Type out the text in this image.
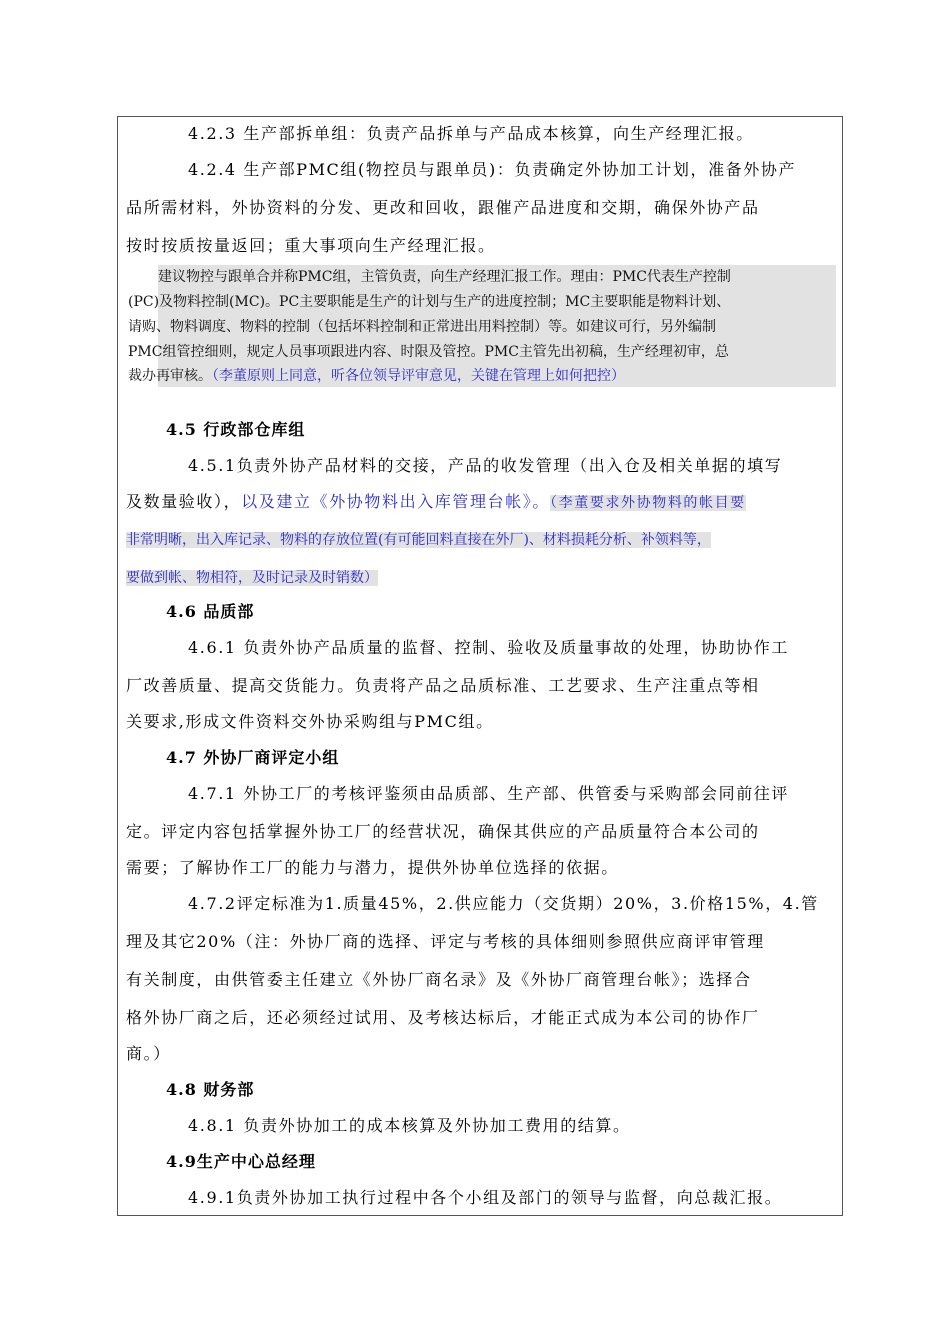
4.2.3 生产部拆单组：负责产品拆单与产品成本核算，向生产经理汇报。
4.2.4 生产部PMC组(物控员与跟单员)：负责确定外协加工计划，准备外协产
品所需材料，外协资料的分发、更改和回收，跟催产品进度和交期，确保外协产品
按时按质按量返回；重大事项向生产经理汇报。
建议物控与跟单合并称PMC组，主管负责，向生产经理汇报工作。理由：PMC代表生产控制
(PC)及物料控制(MC)。PC主要职能是生产的计划与生产的进度控制；MC主要职能是物料计划、
请购、物料调度、物料的控制（包括坏料控制和正常进出用料控制）等。如建议可行，另外编制
PMC组管控细则，规定人员事项跟进内容、时限及管控。PMC主管先出初稿，生产经理初审，总
裁办再审核。（李董原则上同意，听各位领导评审意见，关键在管理上如何把控）
4.5 行政部仓库组
4.5.1负责外协产品材料的交接，产品的收发管理（出入仓及相关单据的填写
及数量验收），以及建立《外协物料出入库管理台帐》。（李董要求外协物料的帐目要
非常明晰，出入库记录、物料的存放位置(有可能回料直接在外厂)、材料损耗分析、补领料等，
要做到帐、物相符，及时记录及时销数）
4.6 品质部
4.6.1 负责外协产品质量的监督、控制、验收及质量事故的处理，协助协作工
厂改善质量、提高交货能力。负责将产品之品质标准、工艺要求、生产注重点等相
关要求,形成文件资料交外协采购组与PMC组。
4.7 外协厂商评定小组
4.7.1 外协工厂的考核评鉴须由品质部、生产部、供管委与采购部会同前往评
定。评定内容包括掌握外协工厂的经营状况，确保其供应的产品质量符合本公司的
需要；了解协作工厂的能力与潜力，提供外协单位选择的依据。
4.7.2评定标准为1.质量45%，2.供应能力（交货期）20%，3.价格15%，4.管
理及其它20%（注：外协厂商的选择、评定与考核的具体细则参照供应商评审管理
有关制度，由供管委主任建立《外协厂商名录》及《外协厂商管理台帐》；选择合
格外协厂商之后，还必须经过试用、及考核达标后，才能正式成为本公司的协作厂
商。）
4.8 财务部
4.8.1 负责外协加工的成本核算及外协加工费用的结算。
4.9生产中心总经理
4.9.1负责外协加工执行过程中各个小组及部门的领导与监督，向总裁汇报。
